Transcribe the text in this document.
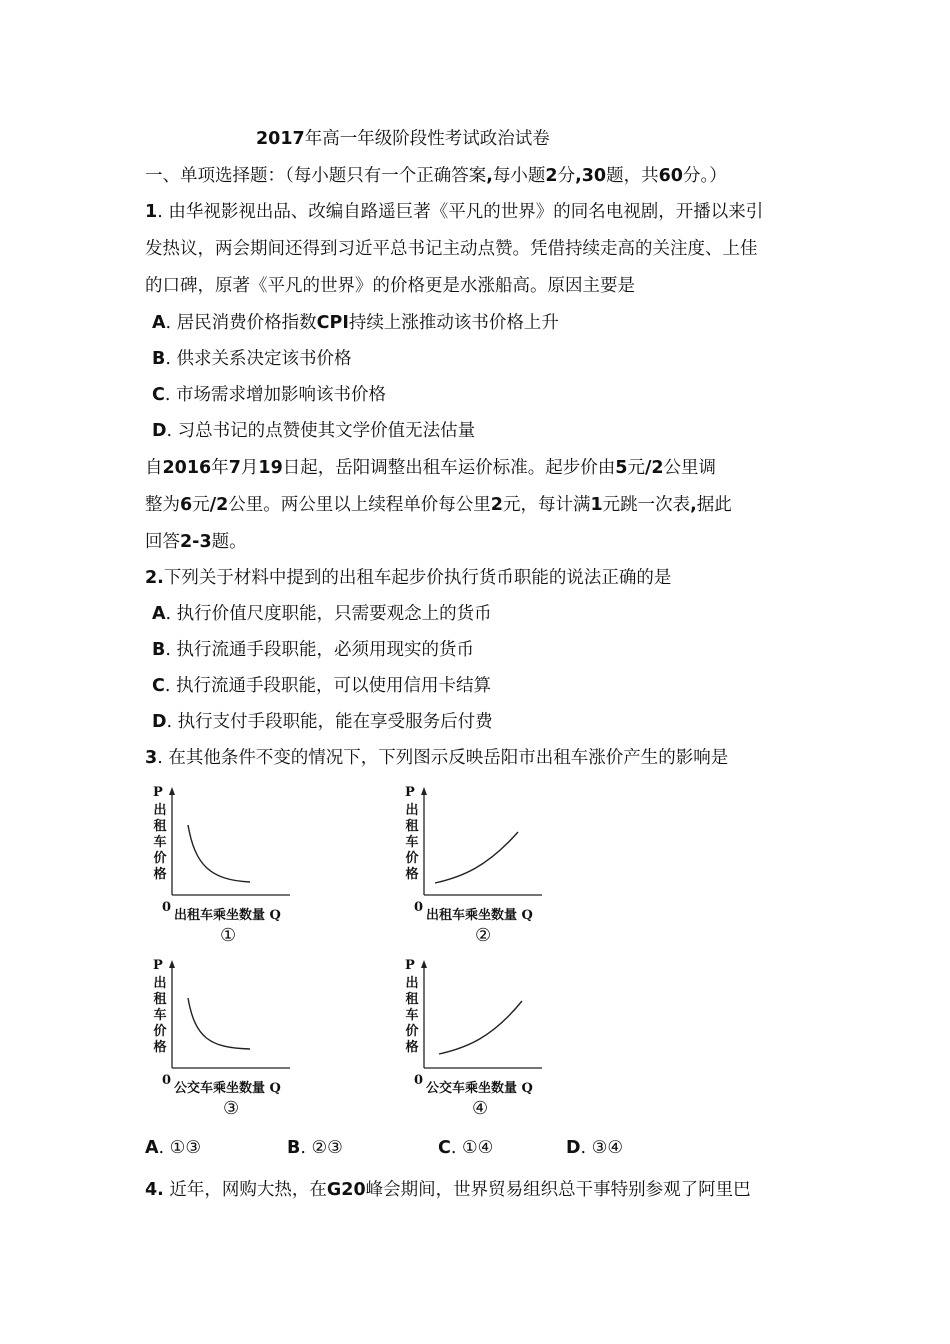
2017年高一年级阶段性考试政治试卷
一、单项选择题：（每小题只有一个正确答案,每小题2分,30题，共60分。）
1. 由华视影视出品、改编自路遥巨著《平凡的世界》的同名电视剧，开播以来引
发热议，两会期间还得到习近平总书记主动点赞。凭借持续走高的关注度、上佳
的口碑，原著《平凡的世界》的价格更是水涨船高。原因主要是
A. 居民消费价格指数CPI持续上涨推动该书价格上升
B. 供求关系决定该书价格
C. 市场需求增加影响该书价格
D. 习总书记的点赞使其文学价值无法估量
自2016年7月19日起，岳阳调整出租车运价标准。起步价由5元/2公里调
整为6元/2公里。两公里以上续程单价每公里2元，每计满1元跳一次表,据此
回答2-3题。
2.下列关于材料中提到的出租车起步价执行货币职能的说法正确的是
A. 执行价值尺度职能，只需要观念上的货币
B. 执行流通手段职能，必须用现实的货币
C. 执行流通手段职能，可以使用信用卡结算
D. 执行支付手段职能，能在享受服务后付费
3. 在其他条件不变的情况下，下列图示反映岳阳市出租车涨价产生的影响是
P
出
租
车
价
格
0
出租车乘坐数量 Q
①
P
出
租
车
价
格
0
出租车乘坐数量 Q
②
P
出
租
车
价
格
0
公交车乘坐数量 Q
③
P
出
租
车
价
格
0
公交车乘坐数量 Q
④
A. ①③	B. ②③	C. ①④	D. ③④
4. 近年，网购大热，在G20峰会期间，世界贸易组织总干事特别参观了阿里巴
